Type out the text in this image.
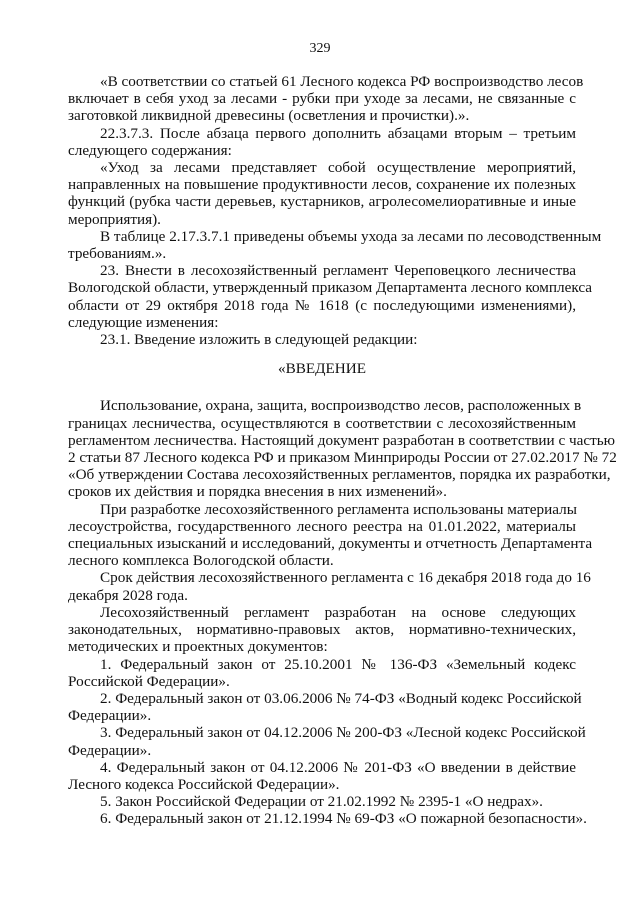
329

«В соответствии со статьей 61 Лесного кодекса РФ воспроизводство лесов
включает в себя уход за лесами - рубки при уходе за лесами, не связанные с
заготовкой ликвидной древесины (осветления и прочистки).».

22.3.7.3. После абзаца первого дополнить абзацами вторым – третьим
следующего содержания:

«Уход за лесами представляет собой осуществление мероприятий,
направленных на повышение продуктивности лесов, сохранение их полезных
функций (рубка части деревьев, кустарников, агролесомелиоративные и иные
мероприятия).

В таблице 2.17.3.7.1 приведены объемы ухода за лесами по лесоводственным
требованиям.».

23. Внести в лесохозяйственный регламент Череповецкого лесничества
Вологодской области, утвержденный приказом Департамента лесного комплекса
области от 29 октября 2018 года № 1618 (с последующими изменениями),
следующие изменения:

23.1. Введение изложить в следующей редакции:

«ВВЕДЕНИЕ

Использование, охрана, защита, воспроизводство лесов, расположенных в
границах лесничества, осуществляются в соответствии с лесохозяйственным
регламентом лесничества. Настоящий документ разработан в соответствии с частью
2 статьи 87 Лесного кодекса РФ и приказом Минприроды России от 27.02.2017 № 72
«Об утверждении Состава лесохозяйственных регламентов, порядка их разработки,
сроков их действия и порядка внесения в них изменений».

При разработке лесохозяйственного регламента использованы материалы
лесоустройства, государственного лесного реестра на 01.01.2022, материалы
специальных изысканий и исследований, документы и отчетность Департамента
лесного комплекса Вологодской области.

Срок действия лесохозяйственного регламента с 16 декабря 2018 года до 16
декабря 2028 года.

Лесохозяйственный регламент разработан на основе следующих
законодательных, нормативно-правовых актов, нормативно-технических,
методических и проектных документов:

1. Федеральный закон от 25.10.2001 № 136-ФЗ «Земельный кодекс
Российской Федерации».

2. Федеральный закон от 03.06.2006 № 74-ФЗ «Водный кодекс Российской
Федерации».

3. Федеральный закон от 04.12.2006 № 200-ФЗ «Лесной кодекс Российской
Федерации».

4. Федеральный закон от 04.12.2006 № 201-ФЗ «О введении в действие
Лесного кодекса Российской Федерации».

5. Закон Российской Федерации от 21.02.1992 № 2395-1 «О недрах».

6. Федеральный закон от 21.12.1994 № 69-ФЗ «О пожарной безопасности».
